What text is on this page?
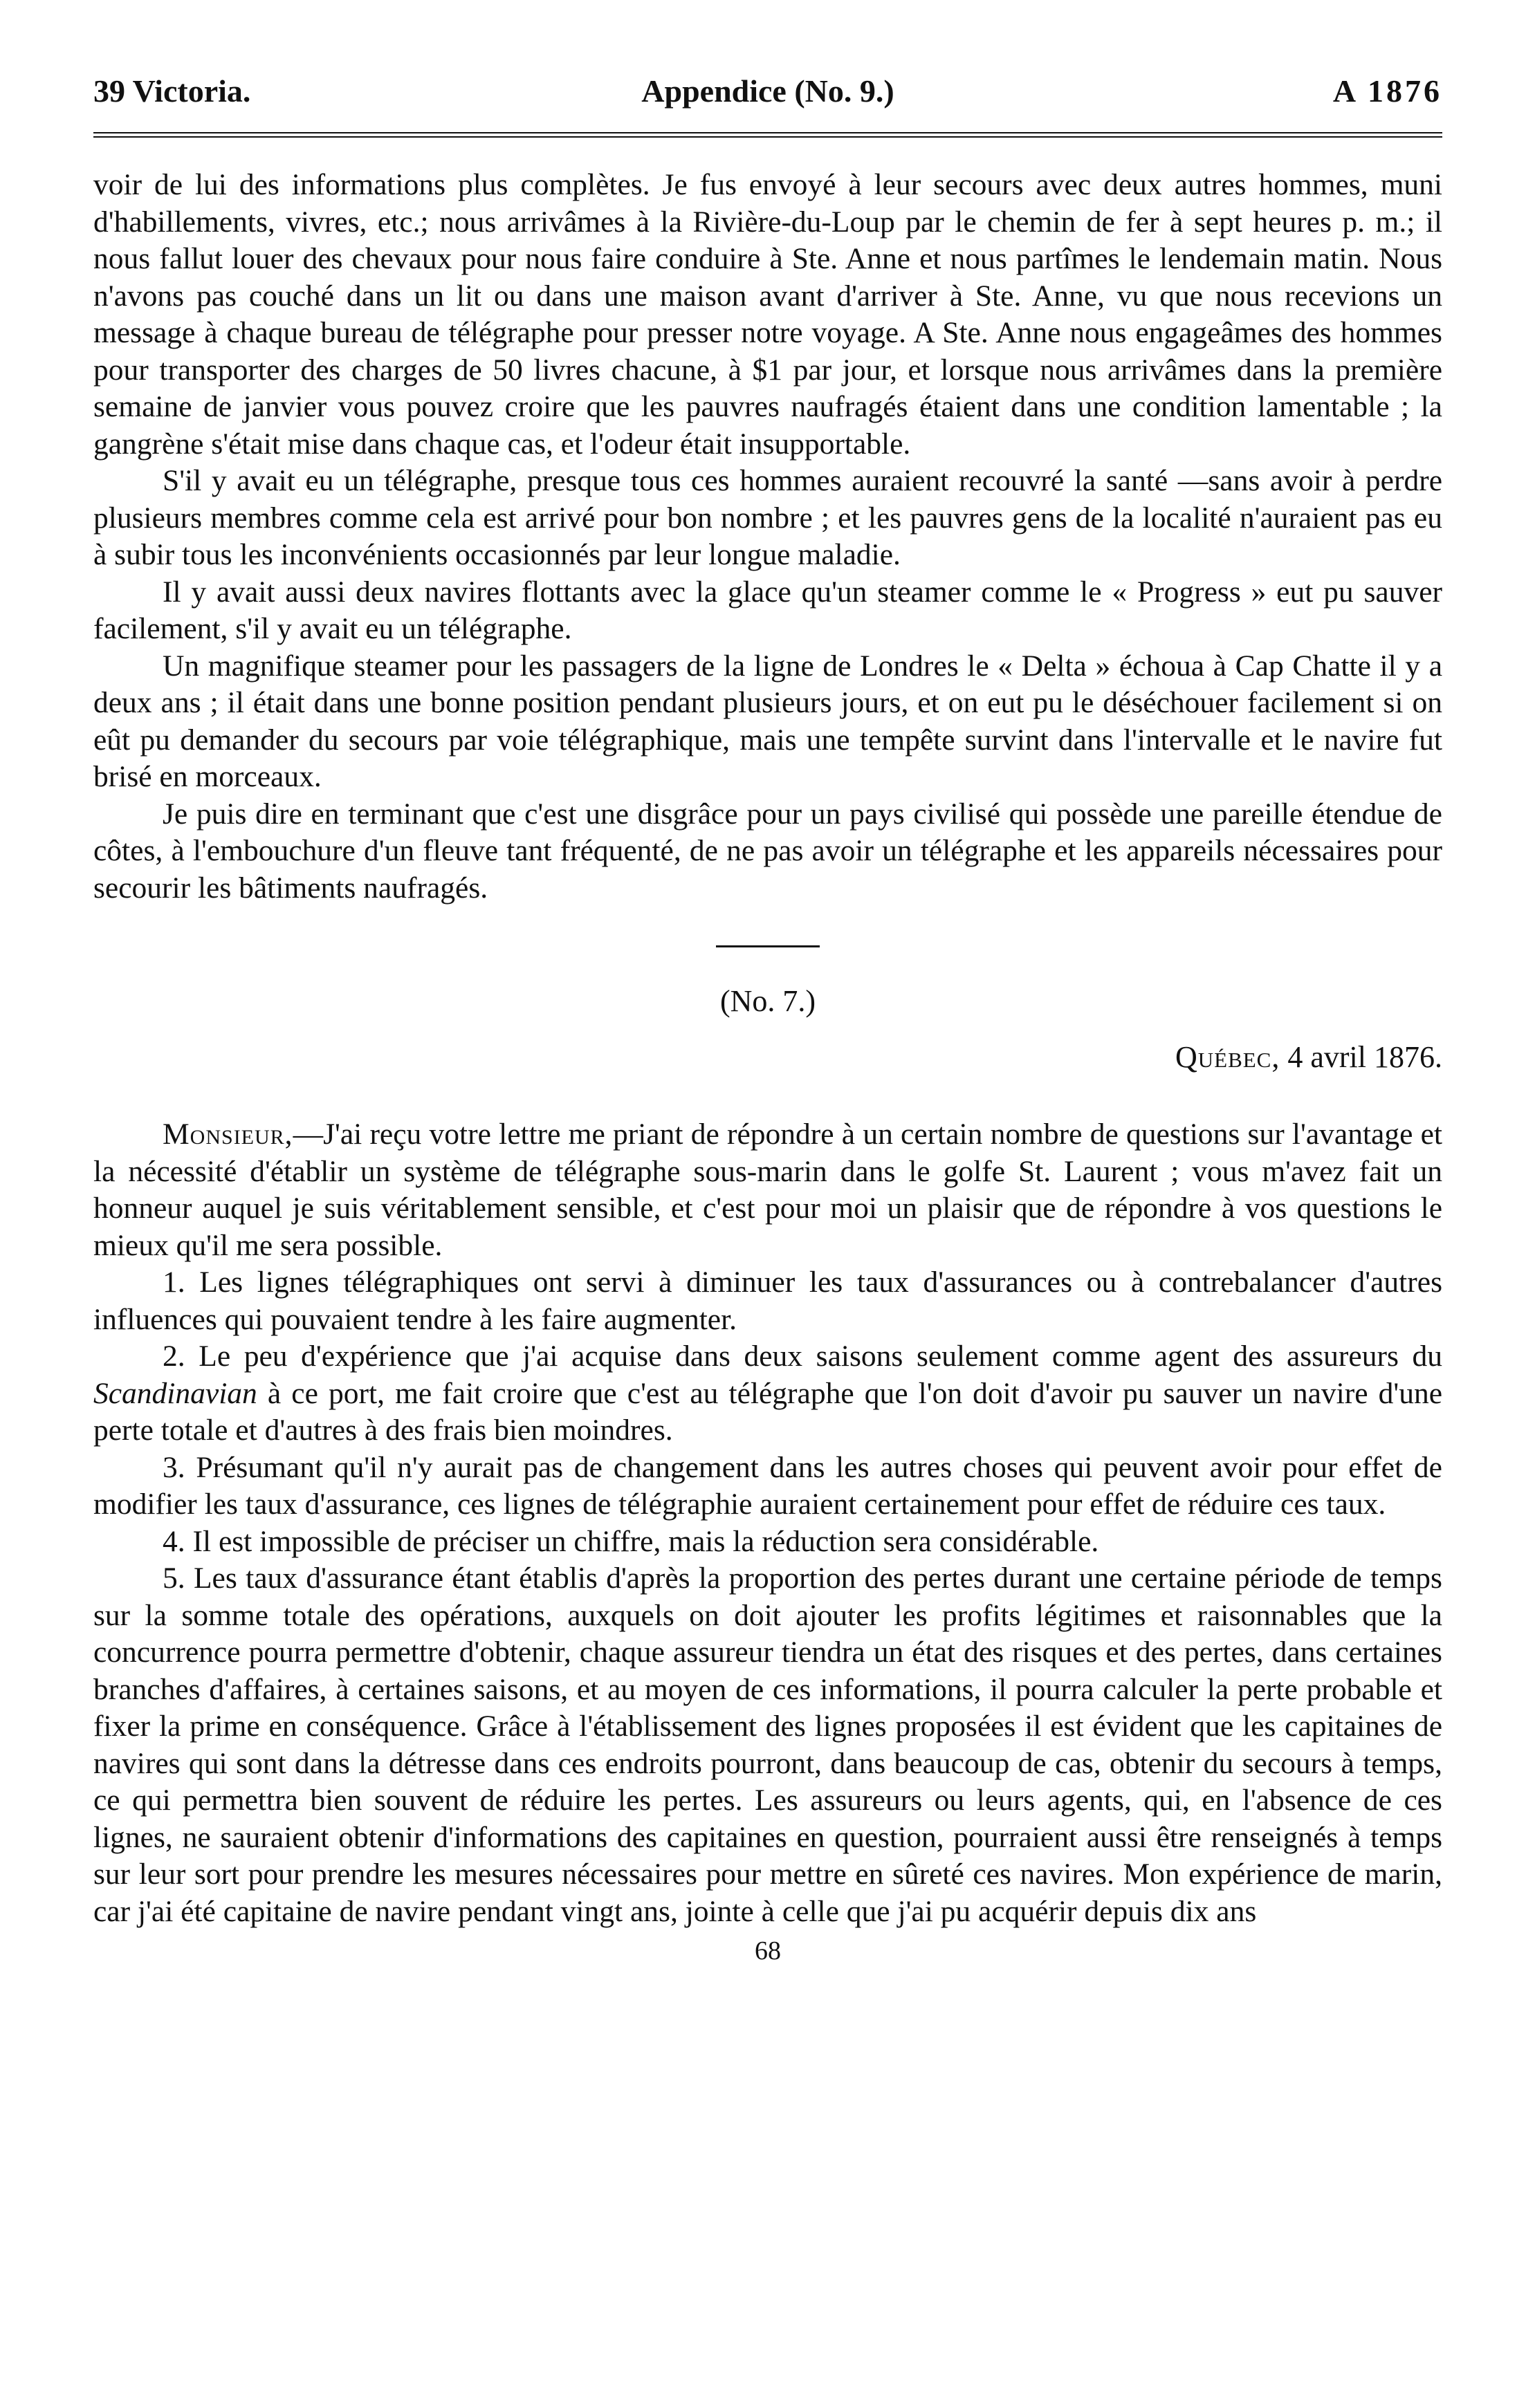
39 Victoria.	Appendice (No. 9.)	A 1876

voir de lui des informations plus complètes. Je fus envoyé à leur secours avec deux autres hommes, muni d'habillements, vivres, etc.; nous arrivâmes à la Rivière-du-Loup par le chemin de fer à sept heures p. m.; il nous fallut louer des chevaux pour nous faire conduire à Ste. Anne et nous partîmes le lendemain matin. Nous n'avons pas couché dans un lit ou dans une maison avant d'arriver à Ste. Anne, vu que nous recevions un message à chaque bureau de télégraphe pour presser notre voyage. A Ste. Anne nous engageâmes des hommes pour transporter des charges de 50 livres chacune, à $1 par jour, et lorsque nous arrivâmes dans la première semaine de janvier vous pouvez croire que les pauvres naufragés étaient dans une condition lamentable ; la gangrène s'était mise dans chaque cas, et l'odeur était insupportable.

S'il y avait eu un télégraphe, presque tous ces hommes auraient recouvré la santé —sans avoir à perdre plusieurs membres comme cela est arrivé pour bon nombre ; et les pauvres gens de la localité n'auraient pas eu à subir tous les inconvénients occasionnés par leur longue maladie.

Il y avait aussi deux navires flottants avec la glace qu'un steamer comme le « Progress » eut pu sauver facilement, s'il y avait eu un télégraphe.

Un magnifique steamer pour les passagers de la ligne de Londres le « Delta » échoua à Cap Chatte il y a deux ans ; il était dans une bonne position pendant plusieurs jours, et on eut pu le déséchouer facilement si on eût pu demander du secours par voie télégraphique, mais une tempête survint dans l'intervalle et le navire fut brisé en morceaux.

Je puis dire en terminant que c'est une disgrâce pour un pays civilisé qui possède une pareille étendue de côtes, à l'embouchure d'un fleuve tant fréquenté, de ne pas avoir un télégraphe et les appareils nécessaires pour secourir les bâtiments naufragés.

(No. 7.)
Québec, 4 avril 1876.

Monsieur,—J'ai reçu votre lettre me priant de répondre à un certain nombre de questions sur l'avantage et la nécessité d'établir un système de télégraphe sous-marin dans le golfe St. Laurent ; vous m'avez fait un honneur auquel je suis véritablement sensible, et c'est pour moi un plaisir que de répondre à vos questions le mieux qu'il me sera possible.

1. Les lignes télégraphiques ont servi à diminuer les taux d'assurances ou à contrebalancer d'autres influences qui pouvaient tendre à les faire augmenter.

2. Le peu d'expérience que j'ai acquise dans deux saisons seulement comme agent des assureurs du Scandinavian à ce port, me fait croire que c'est au télégraphe que l'on doit d'avoir pu sauver un navire d'une perte totale et d'autres à des frais bien moindres.

3. Présumant qu'il n'y aurait pas de changement dans les autres choses qui peuvent avoir pour effet de modifier les taux d'assurance, ces lignes de télégraphie auraient certainement pour effet de réduire ces taux.

4. Il est impossible de préciser un chiffre, mais la réduction sera considérable.

5. Les taux d'assurance étant établis d'après la proportion des pertes durant une certaine période de temps sur la somme totale des opérations, auxquels on doit ajouter les profits légitimes et raisonnables que la concurrence pourra permettre d'obtenir, chaque assureur tiendra un état des risques et des pertes, dans certaines branches d'affaires, à certaines saisons, et au moyen de ces informations, il pourra calculer la perte probable et fixer la prime en conséquence. Grâce à l'établissement des lignes proposées il est évident que les capitaines de navires qui sont dans la détresse dans ces endroits pourront, dans beaucoup de cas, obtenir du secours à temps, ce qui permettra bien souvent de réduire les pertes. Les assureurs ou leurs agents, qui, en l'absence de ces lignes, ne sauraient obtenir d'informations des capitaines en question, pourraient aussi être renseignés à temps sur leur sort pour prendre les mesures nécessaires pour mettre en sûreté ces navires. Mon expérience de marin, car j'ai été capitaine de navire pendant vingt ans, jointe à celle que j'ai pu acquérir depuis dix ans

68
